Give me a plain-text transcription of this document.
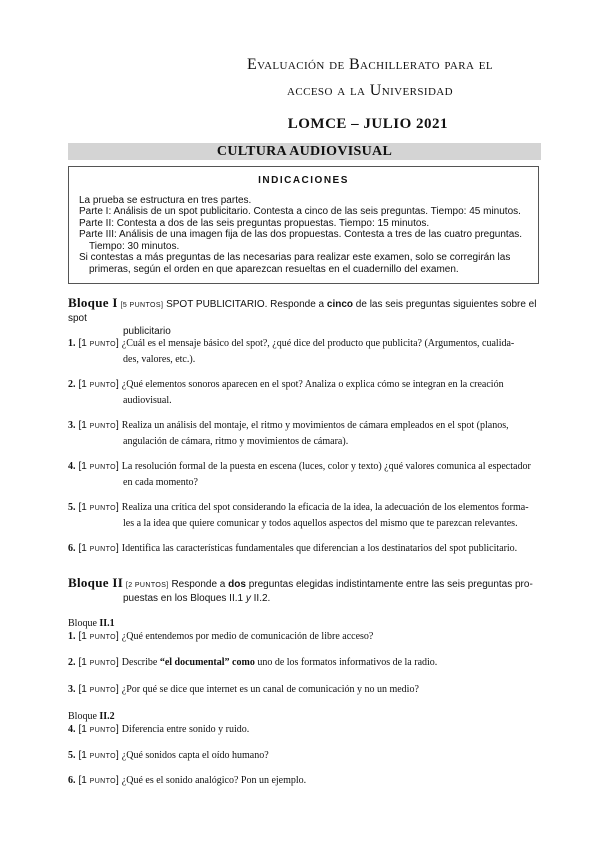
Evaluación de Bachillerato para el
acceso a la Universidad
LOMCE – JULIO 2021
CULTURA AUDIOVISUAL
INDICACIONES

La prueba se estructura en tres partes.

Parte I: Análisis de un spot publicitario. Contesta a cinco de las seis preguntas. Tiempo: 45 minutos.

Parte II: Contesta a dos de las seis preguntas propuestas. Tiempo: 15 minutos.

Parte III: Análisis de una imagen fija de las dos propuestas. Contesta a tres de las cuatro preguntas. Tiempo: 30 minutos.

Si contestas a más preguntas de las necesarias para realizar este examen, solo se corregirán las primeras, según el orden en que aparezcan resueltas en el cuadernillo del examen.

Bloque I [5 PUNTOS] SPOT PUBLICITARIO. Responde a cinco de las seis preguntas siguientes sobre el spot
publicitario
1. [1 PUNTO] ¿Cuál es el mensaje básico del spot?, ¿qué dice del producto que publicita? (Argumentos, cualida-
des, valores, etc.).
2. [1 PUNTO] ¿Qué elementos sonoros aparecen en el spot? Analiza o explica cómo se integran en la creación
audiovisual.
3. [1 PUNTO] Realiza un análisis del montaje, el ritmo y movimientos de cámara empleados en el spot (planos,
angulación de cámara, ritmo y movimientos de cámara).
4. [1 PUNTO] La resolución formal de la puesta en escena (luces, color y texto) ¿qué valores comunica al espectador
en cada momento?
5. [1 PUNTO] Realiza una crítica del spot considerando la eficacia de la idea, la adecuación de los elementos forma-
les a la idea que quiere comunicar y todos aquellos aspectos del mismo que te parezcan relevantes.
6. [1 PUNTO] Identifica las características fundamentales que diferencian a los destinatarios del spot publicitario.
Bloque II [2 PUNTOS] Responde a dos preguntas elegidas indistintamente entre las seis preguntas pro-
puestas en los Bloques II.1 y II.2.
Bloque II.1
1. [1 PUNTO] ¿Qué entendemos por medio de comunicación de libre acceso?
2. [1 PUNTO] Describe “el documental” como uno de los formatos informativos de la radio.
3. [1 PUNTO] ¿Por qué se dice que internet es un canal de comunicación y no un medio?
Bloque II.2
4. [1 PUNTO] Diferencia entre sonido y ruido.
5. [1 PUNTO] ¿Qué sonidos capta el oído humano?
6. [1 PUNTO] ¿Qué es el sonido analógico? Pon un ejemplo.
